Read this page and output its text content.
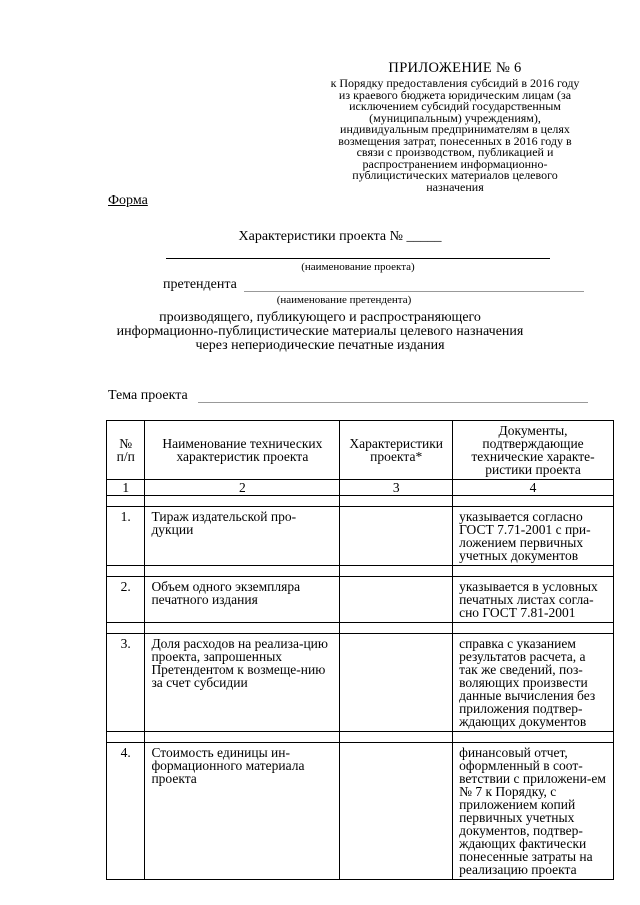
ПРИЛОЖЕНИЕ № 6
к Порядку предоставления субсидий в 2016 году из краевого бюджета юридическим лицам (за исключением субсидий государственным (муниципальным) учреждениям), индивидуальным предпринимателям в целях возмещения затрат, понесенных в 2016 году в связи с производством, публикацией и распространением информационно-публицистических материалов целевого назначения
Форма
Характеристики проекта № _____
(наименование проекта)
претендента
(наименование претендента)
производящего, публикующего и распространяющего информационно-публицистические материалы целевого назначения через непериодические печатные издания
Тема проекта
№ п/п	Наименование технических характеристик проекта	Характеристики проекта*	Документы, подтверждающие технические характе-ристики проекта
1	2	3	4

1.	Тираж издательской про-дукции		указывается согласно ГОСТ 7.71-2001 с при-ложением первичных учетных документов

2.	Объем одного экземпляра печатного издания		указывается в условных печатных листах согла-сно ГОСТ 7.81-2001

3.	Доля расходов на реализа-цию проекта, запрошенных Претендентом к возмеще-нию за счет субсидии		справка с указанием результатов расчета, а так же сведений, поз-воляющих произвести данные вычисления без приложения подтвер-ждающих документов

4.	Стоимость единицы ин-формационного материала проекта		финансовый отчет, оформленный в соот-ветствии с приложени-ем № 7 к Порядку, с приложением копий первичных учетных документов, подтвер-ждающих фактически понесенные затраты на реализацию проекта
